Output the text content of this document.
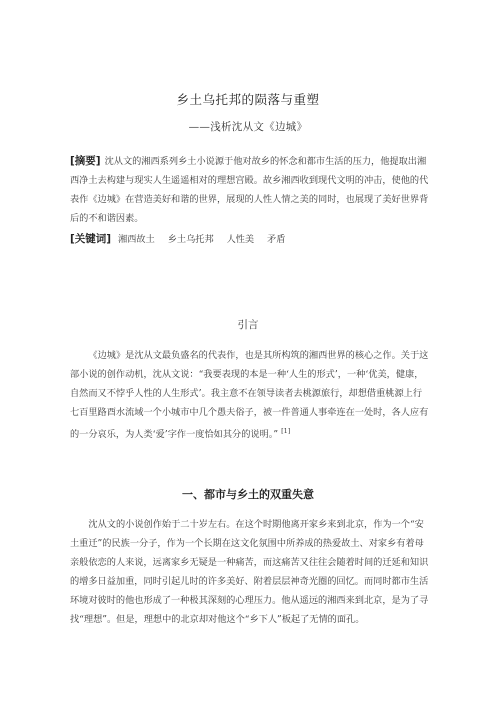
乡土乌托邦的陨落与重塑
——浅析沈从文《边城》
[摘要] 沈从文的湘西系列乡土小说源于他对故乡的怀念和都市生活的压力，他提取出湘西净土去构建与现实人生遥遥相对的理想宫殿。故乡湘西收到现代文明的冲击，使他的代表作《边城》在营造美好和谐的世界，展现的人性人情之美的同时，也展现了美好世界背后的不和谐因素。
[关键词] 湘西故土 乡土乌托邦 人性美 矛盾
引言
《边城》是沈从文最负盛名的代表作，也是其所构筑的湘西世界的核心之作。关于这部小说的创作动机，沈从文说：“我要表现的本是一种‘人生的形式’，一种‘优美，健康，自然而又不悖乎人性的人生形式’。我主意不在领导读者去桃源旅行，却想借重桃源上行七百里路酉水流域一个小城市中几个愚夫俗子，被一件普通人事牵连在一处时，各人应有的一分哀乐，为人类‘爱’字作一度恰如其分的说明。” [1]
一、都市与乡土的双重失意
沈从文的小说创作始于二十岁左右。在这个时期他离开家乡来到北京，作为一个“安土重迁”的民族一分子，作为一个长期在这文化氛围中所养成的热爱故土、对家乡有着母亲般依恋的人来说，远离家乡无疑是一种痛苦，而这痛苦又往往会随着时间的迁延和知识的增多日益加重，同时引起儿时的许多美好、附着层层神奇光圈的回忆。而同时都市生活环境对彼时的他也形成了一种极其深刻的心理压力。他从遥远的湘西来到北京，是为了寻找“理想”。但是，理想中的北京却对他这个“乡下人”板起了无情的面孔。
